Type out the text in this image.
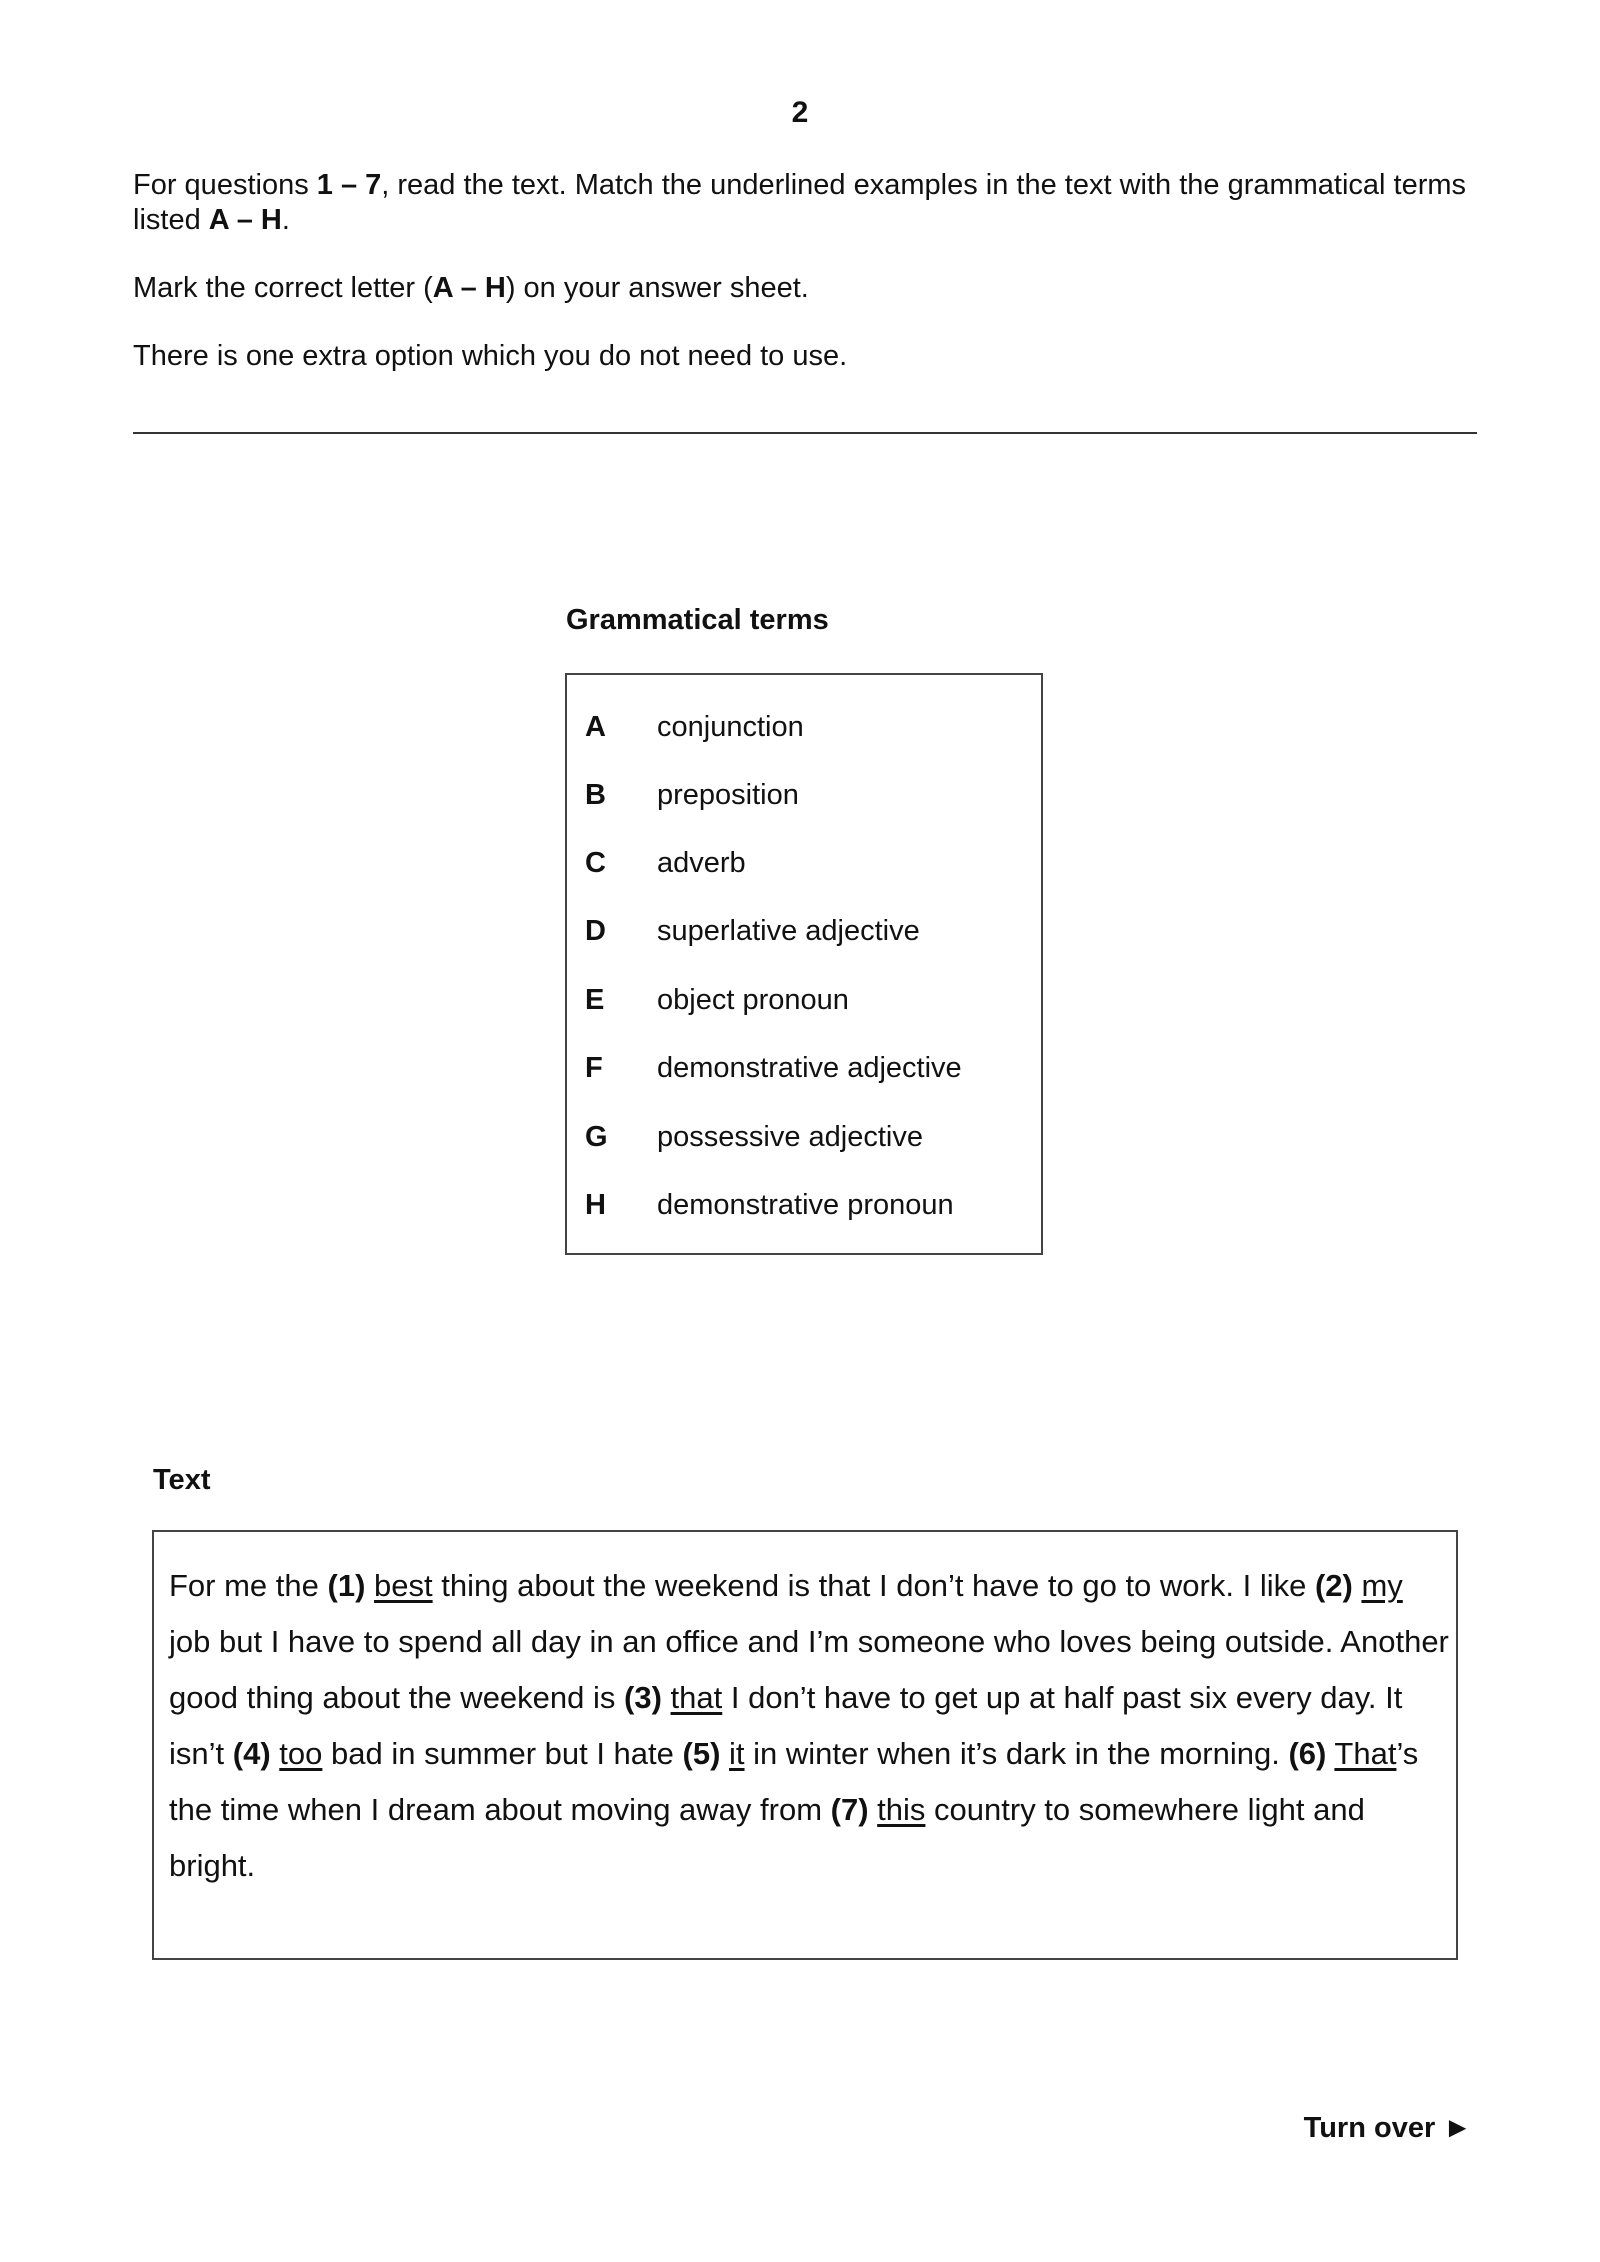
2

For questions 1 – 7, read the text. Match the underlined examples in the text with the grammatical terms listed A – H.

Mark the correct letter (A – H) on your answer sheet.

There is one extra option which you do not need to use.

Grammatical terms
A conjunction
B preposition
C adverb
D superlative adjective
E object pronoun
F demonstrative adjective
G possessive adjective
H demonstrative pronoun
Text
For me the (1) best thing about the weekend is that I don’t have to go to work. I like (2) my job but I have to spend all day in an office and I’m someone who loves being outside. Another good thing about the weekend is (3) that I don’t have to get up at half past six every day. It isn’t (4) too bad in summer but I hate (5) it in winter when it’s dark in the morning. (6) That’s the time when I dream about moving away from (7) this country to somewhere light and bright.
Turn over ►
